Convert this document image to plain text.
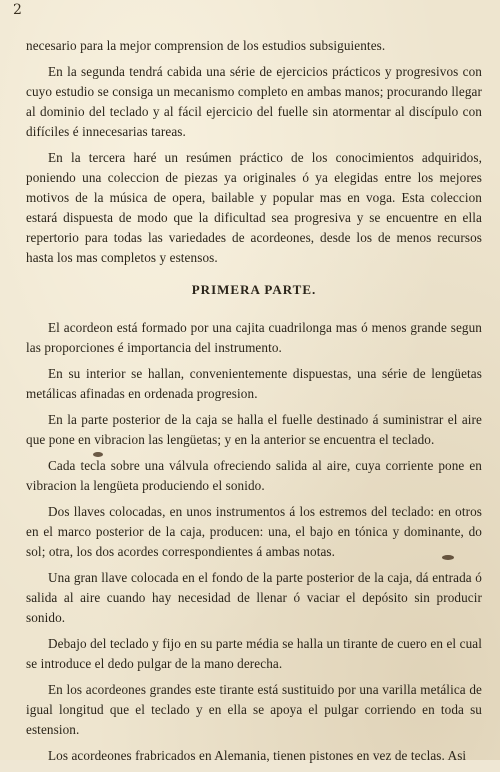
2

necesario para la mejor comprension de los estudios subsiguientes.

En la segunda tendrá cabida una série de ejercicios prácticos y progresivos con cuyo estudio se consiga un mecanismo completo en ambas manos; procurando llegar al dominio del teclado y al fácil ejercicio del fuelle sin atormentar al discípulo con difíciles é innecesarias tareas.

En la tercera haré un resúmen práctico de los conocimientos adquiridos, poniendo una coleccion de piezas ya originales ó ya elegidas entre los mejores motivos de la música de opera, bailable y popular mas en voga. Esta coleccion estará dispuesta de modo que la dificultad sea progresiva y se encuentre en ella repertorio para todas las variedades de acordeones, desde los de menos recursos hasta los mas completos y estensos.

PRIMERA PARTE.

El acordeon está formado por una cajita cuadrilonga mas ó menos grande segun las proporciones é importancia del instrumento.

En su interior se hallan, convenientemente dispuestas, una série de lengüetas metálicas afinadas en ordenada progresion.

En la parte posterior de la caja se halla el fuelle destinado á suministrar el aire que pone en vibracion las lengüetas; y en la anterior se encuentra el teclado.

Cada tecla sobre una válvula ofreciendo salida al aire, cuya corriente pone en vibracion la lengüeta produciendo el sonido.

Dos llaves colocadas, en unos instrumentos á los estremos del teclado: en otros en el marco posterior de la caja, producen: una, el bajo en tónica y dominante, do sol; otra, los dos acordes correspondientes á ambas notas.

Una gran llave colocada en el fondo de la parte posterior de la caja, dá entrada ó salida al aire cuando hay necesidad de llenar ó vaciar el depósito sin producir sonido.

Debajo del teclado y fijo en su parte média se halla un tirante de cuero en el cual se introduce el dedo pulgar de la mano derecha.

En los acordeones grandes este tirante está sustituido por una varilla metálica de igual longitud que el teclado y en ella se apoya el pulgar corriendo en toda su estension.

Los acordeones frabricados en Alemania, tienen pistones en vez de teclas. Asi
